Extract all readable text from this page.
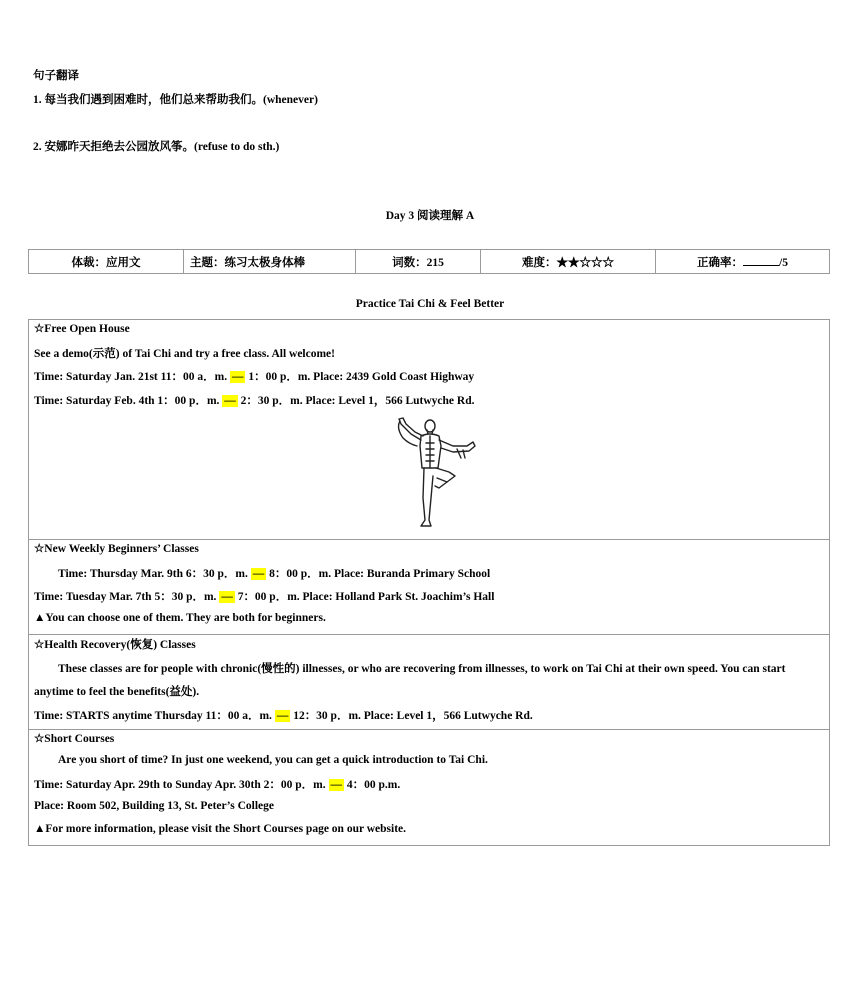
句子翻译
1. 每当我们遇到困难时，他们总来帮助我们。(whenever)
2. 安娜昨天拒绝去公园放风筝。(refuse to do sth.)
Day 3 阅读理解 A
体裁：应用文	主题：练习太极身体棒	词数：215	难度：★★☆☆☆	正确率：	/5
Practice Tai Chi & Feel Better
☆Free Open House
See a demo(示范) of Tai Chi and try a free class. All welcome!
Time: Saturday Jan. 21st 11：00 a．m. — 1：00 p．m. Place: 2439 Gold Coast Highway
Time: Saturday Feb. 4th 1：00 p．m. — 2：30 p．m. Place: Level 1，566 Lutwyche Rd.
☆New Weekly Beginners’ Classes
Time: Thursday Mar. 9th 6：30 p．m. — 8：00 p．m. Place: Buranda Primary School
Time: Tuesday Mar. 7th 5：30 p．m. — 7：00 p．m. Place: Holland Park St. Joachim’s Hall
▲You can choose one of them. They are both for beginners.
☆Health Recovery(恢复) Classes
These classes are for people with chronic(慢性的) illnesses, or who are recovering from illnesses, to work on Tai Chi at their own speed. You can start
anytime to feel the benefits(益处).
Time: STARTS anytime Thursday 11：00 a．m. — 12：30 p．m. Place: Level 1，566 Lutwyche Rd.
☆Short Courses
Are you short of time? In just one weekend, you can get a quick introduction to Tai Chi.
Time: Saturday Apr. 29th to Sunday Apr. 30th 2：00 p．m. — 4：00 p.m.
Place: Room 502, Building 13, St. Peter’s College
▲For more information, please visit the Short Courses page on our website.
